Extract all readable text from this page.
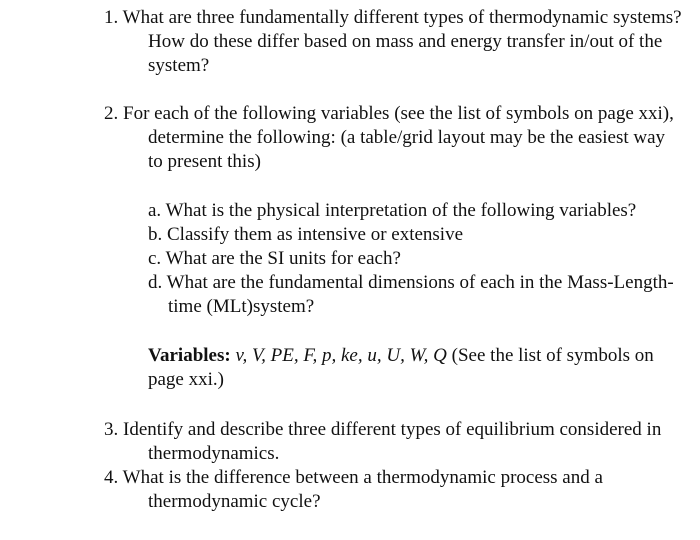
1. What are three fundamentally different types of thermodynamic systems? How do these differ based on mass and energy transfer in/out of the system?

2. For each of the following variables (see the list of symbols on page xxi), determine the following: (a table/grid layout may be the easiest way to present this)

a. What is the physical interpretation of the following variables?

b. Classify them as intensive or extensive

c. What are the SI units for each?

d. What are the fundamental dimensions of each in the Mass-Length-time (MLt)system?

Variables: v, V, PE, F, p, ke, u, U, W, Q (See the list of symbols on page xxi.)

3. Identify and describe three different types of equilibrium considered in thermodynamics.

4. What is the difference between a thermodynamic process and a thermodynamic cycle?
